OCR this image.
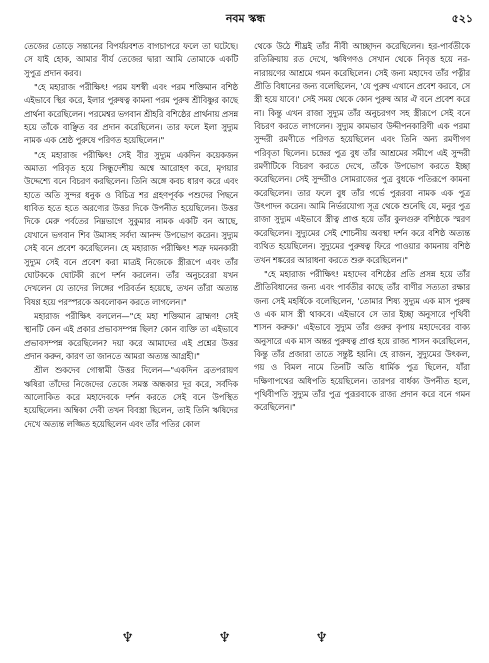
নবম স্কন্ধ	৫২১

তেজের তোড়ে সন্তানের বিপর্যয়বশত বাগচাপরে ফলে তা ঘটেছে। সে যাই হোক, আমার বীর্য তেজের দ্বারা আমি তোমাকে একটি সুপুত্র প্রদান করব।

"হে মহারাজ পরীক্ষিৎ! পরম যশস্বী এবং পরম শক্তিমান বশিষ্ঠ এইভাবে স্থির করে, ইলার পুরুষত্ব কামনা পরম পুরুষ শ্রীবিষ্ণুর কাছে প্রার্থনা করেছিলেন। পরমেশ্বর ভগবান শ্রীহরি বশিষ্ঠের প্রার্থনায় প্রসন্ন হয়ে তাঁকে বাঞ্ছিত বর প্রদান করেছিলেন। তার ফলে ইলা সুদ্যুম নামক এক শ্রেষ্ঠ পুরুষে পরিণত হয়েছিলেন।"

"হে মহারাজ পরীক্ষিৎ! সেই বীর সুদ্যুম একদিন কয়েকজন অমাত্য পরিবৃত হয়ে সিন্ধুদেশীয় অশ্বে আরোহণ করে, মৃগয়ার উদ্দেশ্যে বনে বিচরণ করছিলেন। তিনি অঙ্গে কবচ ধারণ করে এবং হাতে অতি সুন্দর ধনুক ও বিচিত্র শর গ্রহণপূর্বক পশুদের পিছনে ধাবিত হতে হতে অরণ্যের উত্তর দিকে উপনীত হয়েছিলেন। উত্তর দিকে মেরু পর্বতের নিম্নভাগে সুকুমার নামক একটি বন আছে, যেখানে ভগবান শিব উমাসহ সর্বদা আনন্দ উপভোগ করেন। সুদ্যুম সেই বনে প্রবেশ করেছিলেন। হে মহারাজ পরীক্ষিৎ! শত্রু দমনকারী সুদ্যুম সেই বনে প্রবেশ করা মাত্রই নিজেকে স্ত্রীরূপে এবং তাঁর ঘোটককে ঘোটকী রূপে দর্শন করলেন। তাঁর অনুচরেরা যখন দেখলেন যে তাদের লিঙ্গের পরিবর্তন হয়েছে, তখন তাঁরা অত্যন্ত বিষণ্ণ হয়ে পরস্পরকে অবলোকন করতে লাগলেন।"

মহারাজ পরীক্ষিৎ বললেন—"হে মহা শক্তিমান ব্রাহ্মণ! সেই স্থানটি কেন এই প্রকার প্রভাবসম্পন্ন ছিল? কোন ব্যক্তি তা এইভাবে প্রভাবসম্পন্ন করেছিলেন? দয়া করে আমাদের এই প্রশ্নের উত্তর প্রদান করুন, কারণ তা জানতে আমরা অত্যন্ত আগ্রহী।"

শ্রীল শুকদেব গোস্বামী উত্তর দিলেন—"একদিন ব্রতপরায়ণ ঋষিরা তাঁদের নিজেদের তেজে সমস্ত অন্ধকার দূর করে, সর্বদিক আলোকিত করে মহাদেবকে দর্শন করতে সেই বনে উপস্থিত হয়েছিলেন। অম্বিকা দেবী তখন বিবস্ত্রা ছিলেন, তাই তিনি ঋষিদের দেখে অত্যন্ত লজ্জিত হয়েছিলেন এবং তাঁর পতির কোল

থেকে উঠে শীঘ্রই তাঁর নীবী আচ্ছাদন করেছিলেন। হর-পার্বতীকে রতিক্রিয়ায় রত দেখে, ঋষিগণও সেখান থেকে নিবৃত্ত হয়ে নর-নারায়ণের আশ্রমে গমন করেছিলেন। সেই জন্য মহাদেব তাঁর পত্নীর প্রীতি বিধানের জন্য বলেছিলেন, 'যে পুরুষ এখানে প্রবেশ করবে, সে স্ত্রী হয়ে যাবে।' সেই সময় থেকে কোন পুরুষ আর ঐ বনে প্রবেশ করে না। কিন্তু এখন রাজা সুদ্যুম তাঁর অনুচরগণ সহ স্ত্রীরূপে সেই বনে বিচরণ করতে লাগলেন। সুদ্যুম কামভাব উদ্দীপনকারিণী এক পরমা সুন্দরী রমণীতে পরিণত হয়েছিলেন এবং তিনি অন্য রমণীগণ পরিবৃতা ছিলেন। চন্দ্রের পুত্র বুধ তাঁর আশ্রমের সমীপে এই সুন্দরী রমণীটিকে বিচরণ করতে দেখে, তাঁকে উপভোগ করতে ইচ্ছা করেছিলেন। সেই সুন্দরীও সোমরাজের পুত্র বুধকে পতিরূপে কামনা করেছিলেন। তার ফলে বুধ তাঁর গর্ভে পুরূরবা নামক এক পুত্র উৎপাদন করেন। আমি নির্ভরযোগ্য সূত্র থেকে শুনেছি যে, মনুর পুত্র রাজা সুদ্যুম এইভাবে স্ত্রীত্ব প্রাপ্ত হয়ে তাঁর কুলগুরু বশিষ্ঠকে স্মরণ করেছিলেন। সুদ্যুমের সেই শোচনীয় অবস্থা দর্শন করে বশিষ্ঠ অত্যন্ত ব্যথিত হয়েছিলেন। সুদ্যুমের পুরুষত্ব ফিরে পাওয়ার কামনায় বশিষ্ঠ তখন শঙ্করের আরাধনা করতে শুরু করেছিলেন।"

"হে মহারাজ পরীক্ষিৎ! মহাদেব বশিষ্ঠের প্রতি প্রসন্ন হয়ে তাঁর প্রীতিবিধানের জন্য এবং পার্বতীর কাছে তাঁর বাণীর সত্যতা রক্ষার জন্য সেই মহর্ষিকে বলেছিলেন, 'তোমার শিষ্য সুদ্যুম এক মাস পুরুষ ও এক মাস স্ত্রী থাকবে। এইভাবে সে তার ইচ্ছা অনুসারে পৃথিবী শাসন করুক।' এইভাবে সুদ্যুম তাঁর গুরুর কৃপায় মহাদেবের বাক্য অনুসারে এক মাস অন্তর পুরুষত্ব প্রাপ্ত হয়ে রাজ্য শাসন করেছিলেন, কিন্তু তাঁর প্রজারা তাতে সন্তুষ্ট হয়নি। হে রাজন, সুদ্যুমের উৎকল, গয় ও বিমল নামে তিনটি অতি ধার্মিক পুত্র ছিলেন, যাঁরা দক্ষিণাপথের অধিপতি হয়েছিলেন। তারপর বার্ধক্য উপনীত হলে, পৃথিবীপতি সুদ্যুম তাঁর পুত্র পুরূরবাকে রাজ্য প্রদান করে বনে গমন করেছিলেন।"

♆	♆	♆
